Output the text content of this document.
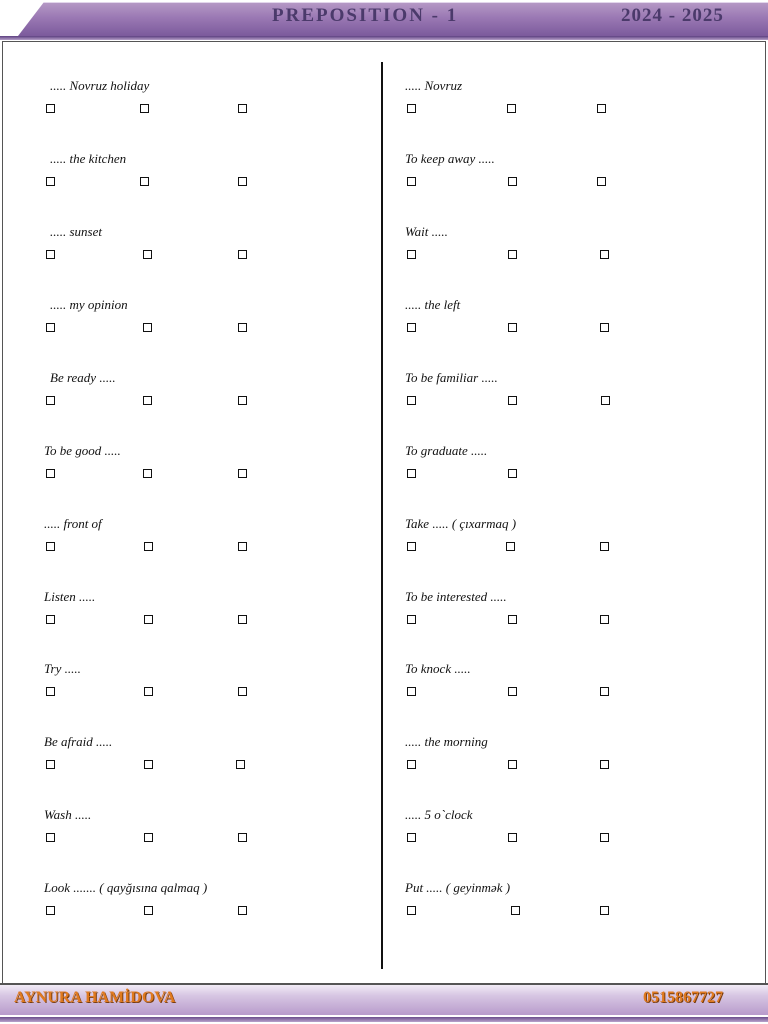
PREPOSITION - 1	2024 - 2025
..... Novruz holiday
..... the kitchen
..... sunset
..... my opinion
Be ready .....
To be good .....
..... front of
Listen .....
Try .....
Be afraid .....
Wash .....
Look ....... ( qayğısına qalmaq )
..... Novruz
To keep away .....
Wait .....
..... the left
To be familiar .....
To graduate .....
Take ..... ( çıxarmaq )
To be interested .....
To knock .....
..... the morning
..... 5 o`clock
Put ..... ( geyinmək )
AYNURA HAMİDOVA	0515867727
